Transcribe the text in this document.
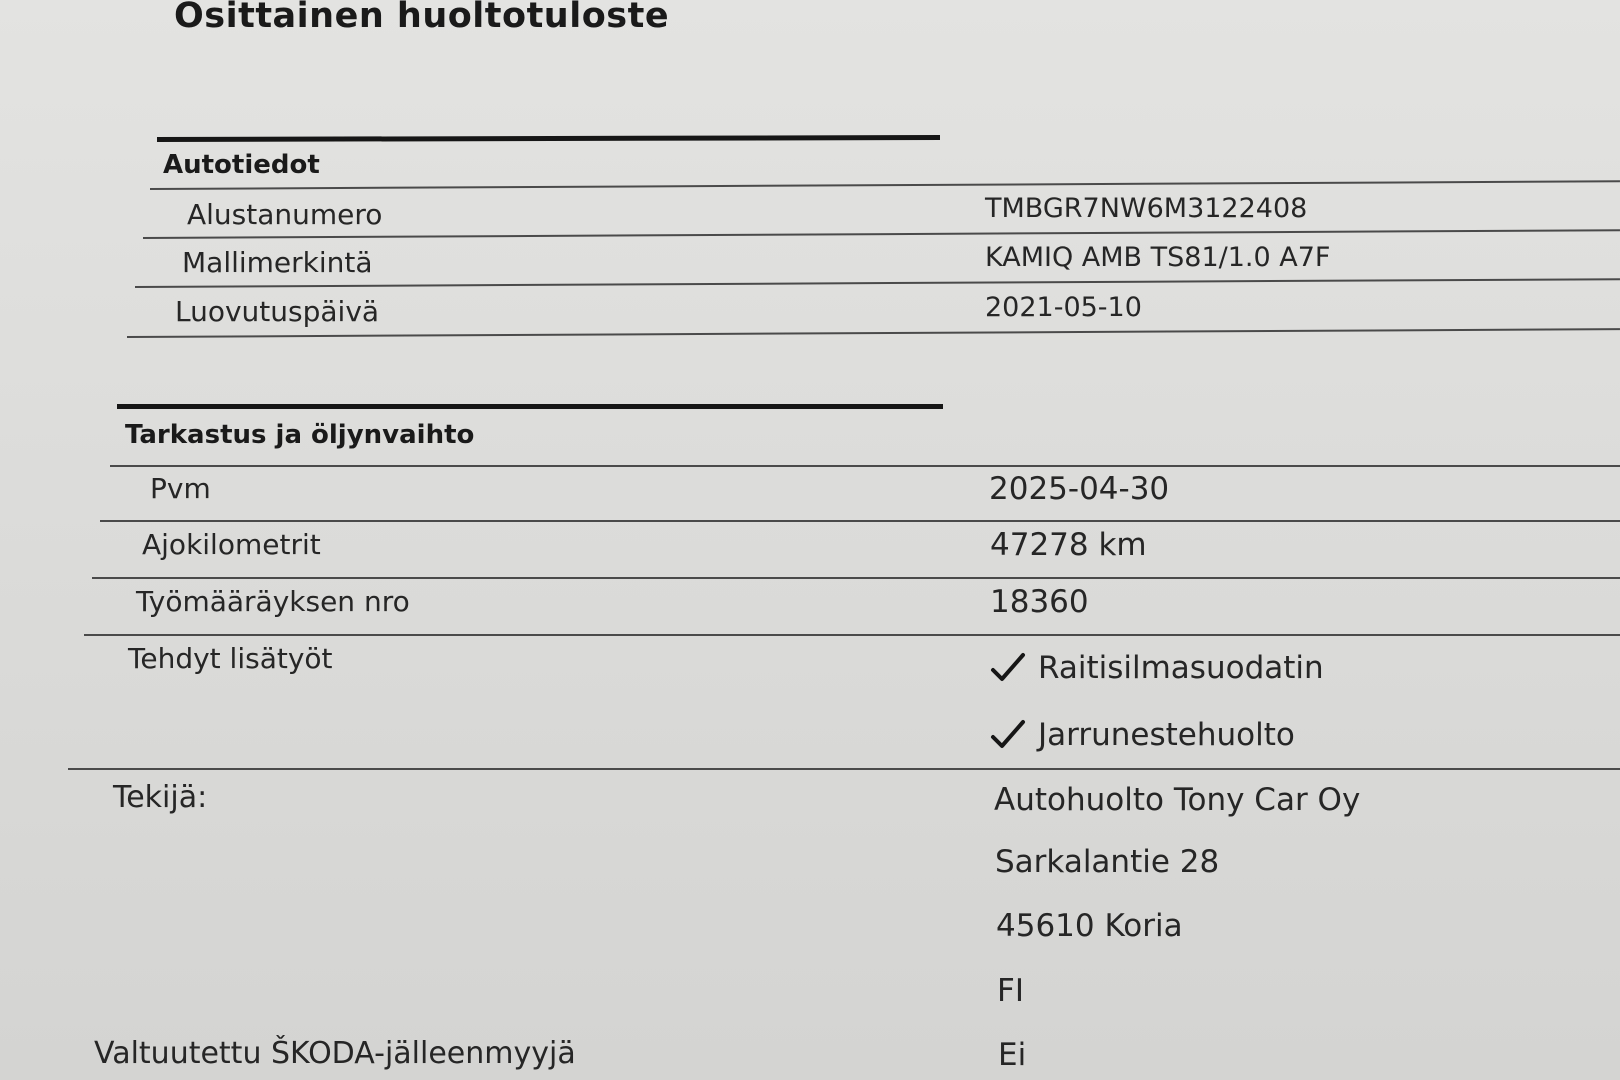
Osittainen huoltotuloste
Autotiedot
Alustanumero	TMBGR7NW6M3122408
Mallimerkintä	KAMIQ AMB TS81/1.0 A7F
Luovutuspäivä	2021-05-10
Tarkastus ja öljynvaihto
Pvm	2025-04-30
Ajokilometrit	47278 km
Työmääräyksen nro	18360
Tehdyt lisätyöt	Raitisilmasuodatin
Jarrunestehuolto
Tekijä:	Autohuolto Tony Car Oy
Sarkalantie 28
45610 Koria
FI
Valtuutettu ŠKODA-jälleenmyyjä	Ei
